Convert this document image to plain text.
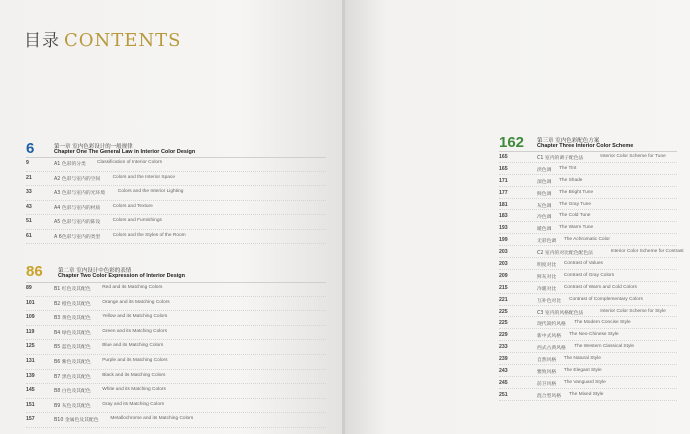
目录 CONTENTS
6	第一章 室内色彩设计的一般规律
Chapter One The General Law in Interior Color Design
9	A1 色彩的分类 Classification of Interior Colors
21	A2 色彩与室内的空间	Colors and the Interior Space
33	A3 色彩与室内的光环境	Colors and the Interior Lighting
43	A4 色彩与室内的材质	Colors and Texture
51	A5 色彩与室内的陈设	Colors and Furnishings
61	A 6色彩与室内的类型	Colors and the Styles of the Room
86	第二章 室内设计中色彩的表情
Chapter Two Color Expression of Interior Design
89	B1 红色及其配色 Red and its Matching Colors
101	B2 橙色及其配色 Orange and its Matching Colors
109	B3 黄色及其配色 Yellow and its Matching Colors
119	B4 绿色及其配色 Green and its Matching Colors
125	B5 蓝色及其配色 Blue and its Matching Colors
131	B6 紫色及其配色 Purple and its Matching Colors
139	B7 黑色及其配色 Black and its Matching Colors
145	B8 白色及其配色 White and its Matching Colors
151	B9 灰色及其配色 Gray and its Matching Colors
157	B10 金属色及其配色 Metallochrome and its Matching Colors
162 第三章 室内色彩配色方案
Chapter Three Interior Color Scheme
165	C1 室内的调子配色法	Interior Color Scheme for Tune
165	淡色调 The Tint
171	深色调 The Shade
177	鲜色调 The Bright Tune
181	灰色调 The Gray Tune
183	冷色调 The Cold Tune
193	暖色调 The Warm Tune
199	无彩色调 The Achromatic Color
203	C2 室内的对比配色配色法	Interior Color Scheme for Contrast
203	明度对比 Contrast of Values
209	鲜灰对比 Contrast of Gray Colors
215	冷暖对比 Contrast of Warm and Cold Colors
221	互补色对比 Contrast of Complementary Colors
225	C3 室内的风格配色法	Interior Color Scheme for Style
225	现代简约风格 The Modern Concise Style
229	新中式风格 The Neo-Chinese Style
233	西式古典风格 The Western Classical Style
239	自然风格 The Natural Style
243	雅致风格 The Elegant Style
245	前卫风格 The Vanguard Style
251	混合型风格 The Mixed Style
